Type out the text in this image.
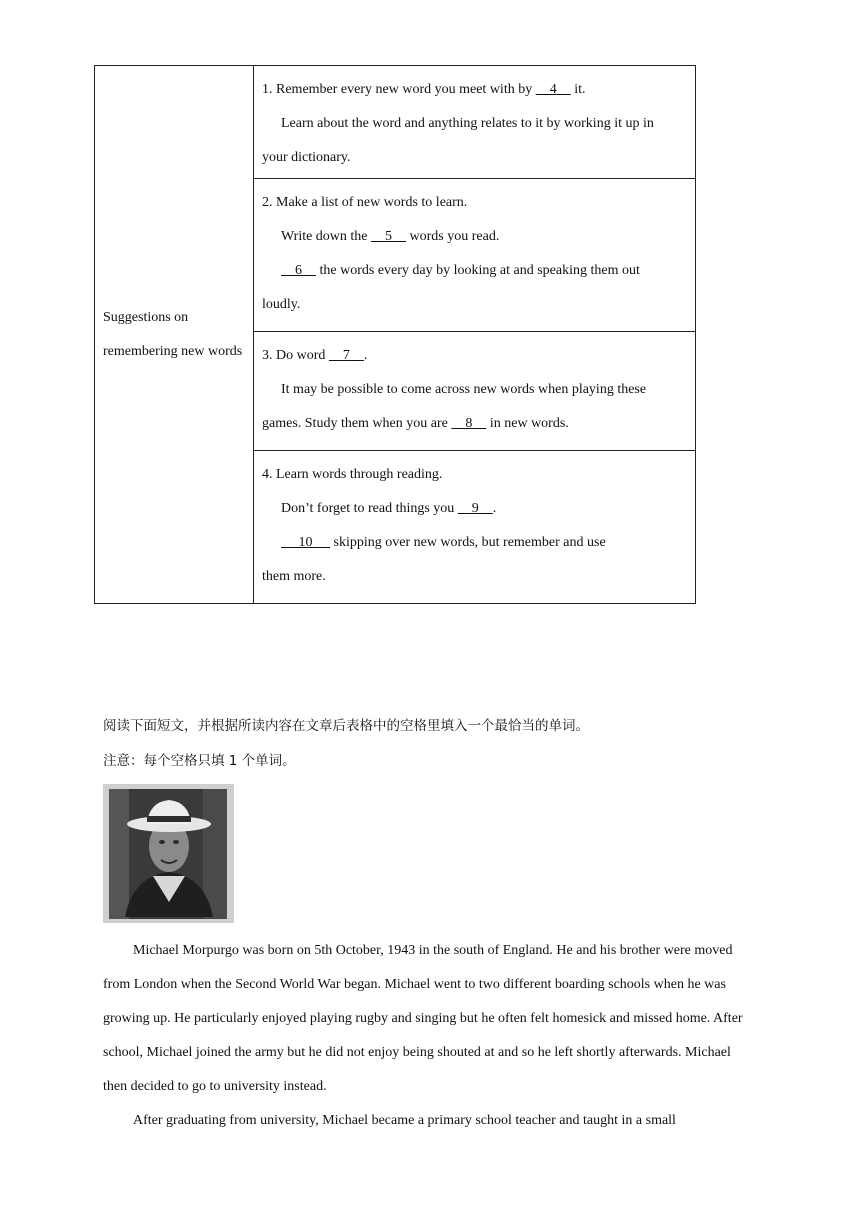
Suggestions on remembering new words	
1. Remember every new word you meet with by     4     it.
Learn about the word and anything relates to it by working it up in
your dictionary.

2. Make a list of new words to learn.
Write down the     5     words you read.
6     the words every day by looking at and speaking them out
loudly.

3. Do word     7 .
It may be possible to come across new words when playing these
games. Study them when you are     8     in new words.

4. Learn words through reading.
Don’t forget to read things you     9 .
10      skipping over new words, but remember and use
them more.
阅读下面短文，并根据所读内容在文章后表格中的空格里填入一个最恰当的单词。
注意：每个空格只填 1 个单词。

Michael Morpurgo was born on 5th October, 1943 in the south of England. He and his brother were moved from London when the Second World War began. Michael went to two different boarding schools when he was growing up. He particularly enjoyed playing rugby and singing but he often felt homesick and missed home. After school, Michael joined the army but he did not enjoy being shouted at and so he left shortly afterwards. Michael then decided to go to university instead.

After graduating from university, Michael became a primary school teacher and taught in a small
